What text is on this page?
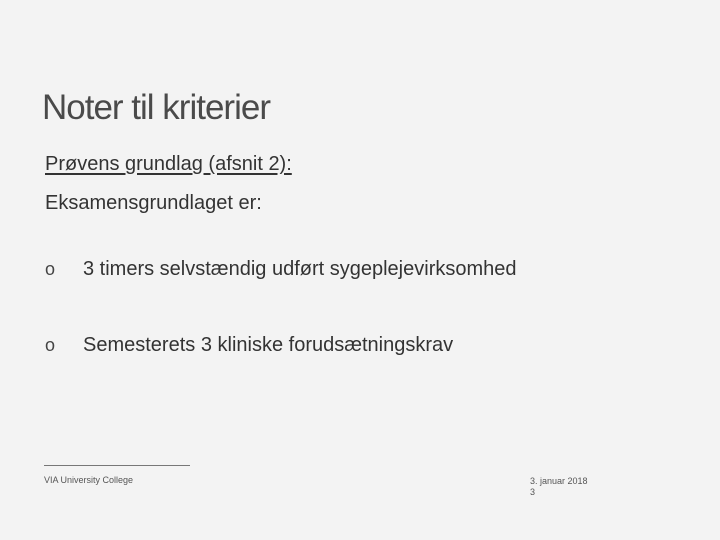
Noter til kriterier
Prøvens grundlag (afsnit 2):
Eksamensgrundlaget er:
o 3 timers selvstændig udført sygeplejevirksomhed
o Semesterets 3 kliniske forudsætningskrav
VIA University College	3. januar 2018
3
